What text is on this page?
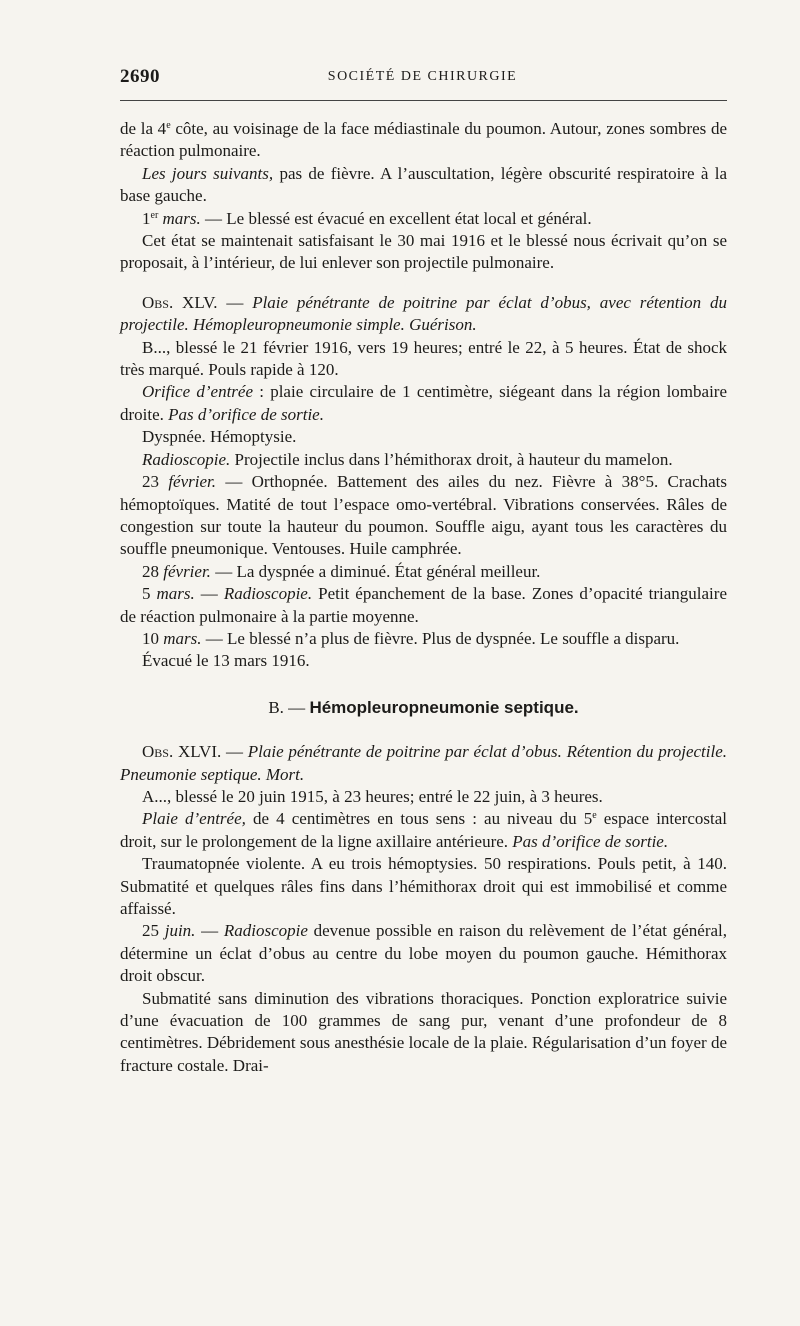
2690	SOCIÉTÉ DE CHIRURGIE

de la 4e côte, au voisinage de la face médiastinale du poumon. Autour, zones sombres de réaction pulmonaire.

Les jours suivants, pas de fièvre. A l’auscultation, légère obscurité respiratoire à la base gauche.

1er mars. — Le blessé est évacué en excellent état local et général.

Cet état se maintenait satisfaisant le 30 mai 1916 et le blessé nous écrivait qu’on se proposait, à l’intérieur, de lui enlever son projectile pulmonaire.

Obs. XLV. — Plaie pénétrante de poitrine par éclat d’obus, avec rétention du projectile. Hémopleuropneumonie simple. Guérison.

B..., blessé le 21 février 1916, vers 19 heures; entré le 22, à 5 heures. État de shock très marqué. Pouls rapide à 120.

Orifice d’entrée : plaie circulaire de 1 centimètre, siégeant dans la région lombaire droite. Pas d’orifice de sortie.

Dyspnée. Hémoptysie.

Radioscopie. Projectile inclus dans l’hémithorax droit, à hauteur du mamelon.

23 février. — Orthopnée. Battement des ailes du nez. Fièvre à 38°5. Crachats hémoptoïques. Matité de tout l’espace omo-vertébral. Vibrations conservées. Râles de congestion sur toute la hauteur du poumon. Souffle aigu, ayant tous les caractères du souffle pneumonique. Ventouses. Huile camphrée.

28 février. — La dyspnée a diminué. État général meilleur.

5 mars. — Radioscopie. Petit épanchement de la base. Zones d’opacité triangulaire de réaction pulmonaire à la partie moyenne.

10 mars. — Le blessé n’a plus de fièvre. Plus de dyspnée. Le souffle a disparu.

Évacué le 13 mars 1916.

B. — Hémopleuropneumonie septique.

Obs. XLVI. — Plaie pénétrante de poitrine par éclat d’obus. Rétention du projectile. Pneumonie septique. Mort.

A..., blessé le 20 juin 1915, à 23 heures; entré le 22 juin, à 3 heures.

Plaie d’entrée, de 4 centimètres en tous sens : au niveau du 5e espace intercostal droit, sur le prolongement de la ligne axillaire antérieure. Pas d’orifice de sortie.

Traumatopnée violente. A eu trois hémoptysies. 50 respirations. Pouls petit, à 140. Submatité et quelques râles fins dans l’hémithorax droit qui est immobilisé et comme affaissé.

25 juin. — Radioscopie devenue possible en raison du relèvement de l’état général, détermine un éclat d’obus au centre du lobe moyen du poumon gauche. Hémithorax droit obscur.

Submatité sans diminution des vibrations thoraciques. Ponction exploratrice suivie d’une évacuation de 100 grammes de sang pur, venant d’une profondeur de 8 centimètres. Débridement sous anesthésie locale de la plaie. Régularisation d’un foyer de fracture costale. Drai-
